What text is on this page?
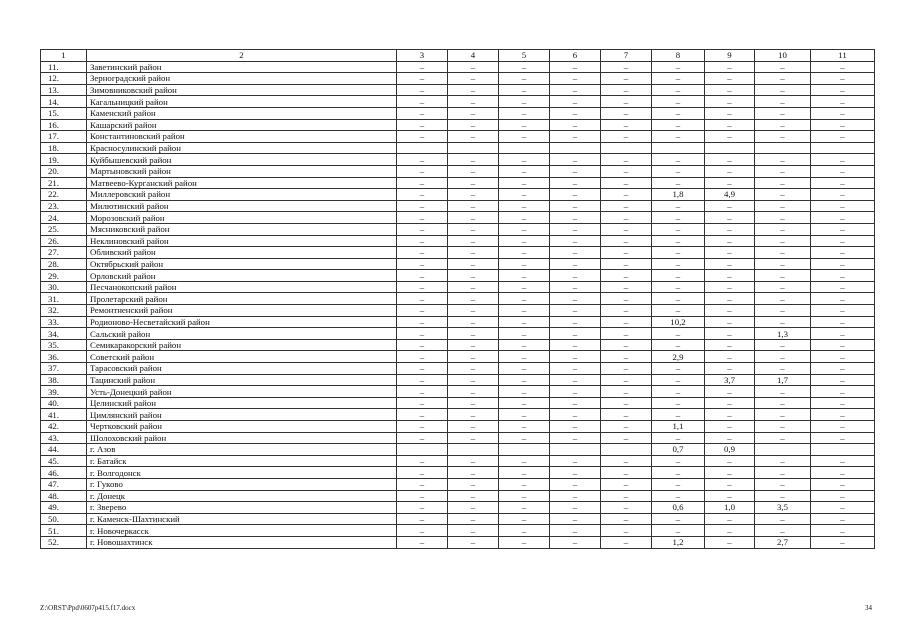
1	2	3	4	5	6	7	8	9	10	11
11.	Заветинский район	–	–	–	–	–	–	–	–	–
12.	Зерноградский район	–	–	–	–	–	–	–	–	–
13.	Зимовниковский район	–	–	–	–	–	–	–	–	–
14.	Кагальницкий район	–	–	–	–	–	–	–	–	–
15.	Каменский район	–	–	–	–	–	–	–	–	–
16.	Кашарский район	–	–	–	–	–	–	–	–	–
17.	Константиновский район	–	–	–	–	–	–	–	–	–
18.	Красносулинский район									
19.	Куйбышевский район	–	–	–	–	–	–	–	–	–
20.	Мартыновский район	–	–	–	–	–	–	–	–	–
21.	Матвеево-Курганский район	–	–	–	–	–	–	–	–	–
22.	Миллеровский район	–	–	–	–	–	1,8	4,9	–	–
23.	Милютинский район	–	–	–	–	–	–	–	–	–
24.	Морозовский район	–	–	–	–	–	–	–	–	–
25.	Мясниковский район	–	–	–	–	–	–	–	–	–
26.	Неклиновский район	–	–	–	–	–	–	–	–	–
27.	Обливский район	–	–	–	–	–	–	–	–	–
28.	Октябрьский район	–	–	–	–	–	–	–	–	–
29.	Орловский район	–	–	–	–	–	–	–	–	–
30.	Песчанокопский район	–	–	–	–	–	–	–	–	–
31.	Пролетарский район	–	–	–	–	–	–	–	–	–
32.	Ремонтненский район	–	–	–	–	–	–	–	–	–
33.	Родионово-Несветайский район	–	–	–	–	–	10,2	–	–	–
34.	Сальский район	–	–	–	–	–	–	–	1,3	–
35.	Семикаракорский район	–	–	–	–	–	–	–	–	–
36.	Советский район	–	–	–	–	–	2,9	–	–	–
37.	Тарасовский район	–	–	–	–	–	–	–	–	–
38.	Тацинский район	–	–	–	–	–	–	3,7	1,7	–
39.	Усть-Донецкий район	–	–	–	–	–	–	–	–	–
40.	Целинский район	–	–	–	–	–	–	–	–	–
41.	Цимлянский район	–	–	–	–	–	–	–	–	–
42.	Чертковский район	–	–	–	–	–	1,1	–	–	–
43.	Шолоховский район	–	–	–	–	–	–	–	–	–
44.	г. Азов						0,7	0,9		
45.	г. Батайск	–	–	–	–	–	–	–	–	–
46.	г. Волгодонск	–	–	–	–	–	–	–	–	–
47.	г. Гуково	–	–	–	–	–	–	–	–	–
48.	г. Донецк	–	–	–	–	–	–	–	–	–
49.	г. Зверево	–	–	–	–	–	0,6	1,0	3,5	–
50.	г. Каменск-Шахтинский	–	–	–	–	–	–	–	–	–
51.	г. Новочеркасск	–	–	–	–	–	–	–	–	–
52.	г. Новошахтинск	–	–	–	–	–	1,2	–	2,7	–
Z:\ORST\Ppd\0607p415.f17.docx	34
